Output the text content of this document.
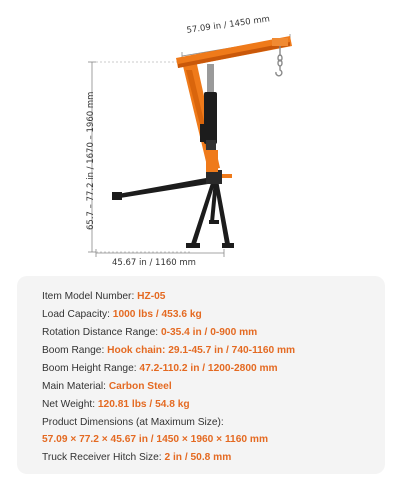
57.09 in / 1450 mm
45.67 in / 1160 mm
65.7 – 77.2 in / 1670 – 1960 mm
Item Model Number: HZ-05
Load Capacity: 1000 lbs / 453.6 kg
Rotation Distance Range: 0-35.4 in / 0-900 mm
Boom Range: Hook chain: 29.1-45.7 in / 740-1160 mm
Boom Height Range: 47.2-110.2 in / 1200-2800 mm
Main Material: Carbon Steel
Net Weight: 120.81 lbs / 54.8 kg
Product Dimensions (at Maximum Size):
57.09 × 77.2 × 45.67 in / 1450 × 1960 × 1160 mm
Truck Receiver Hitch Size: 2 in / 50.8 mm
